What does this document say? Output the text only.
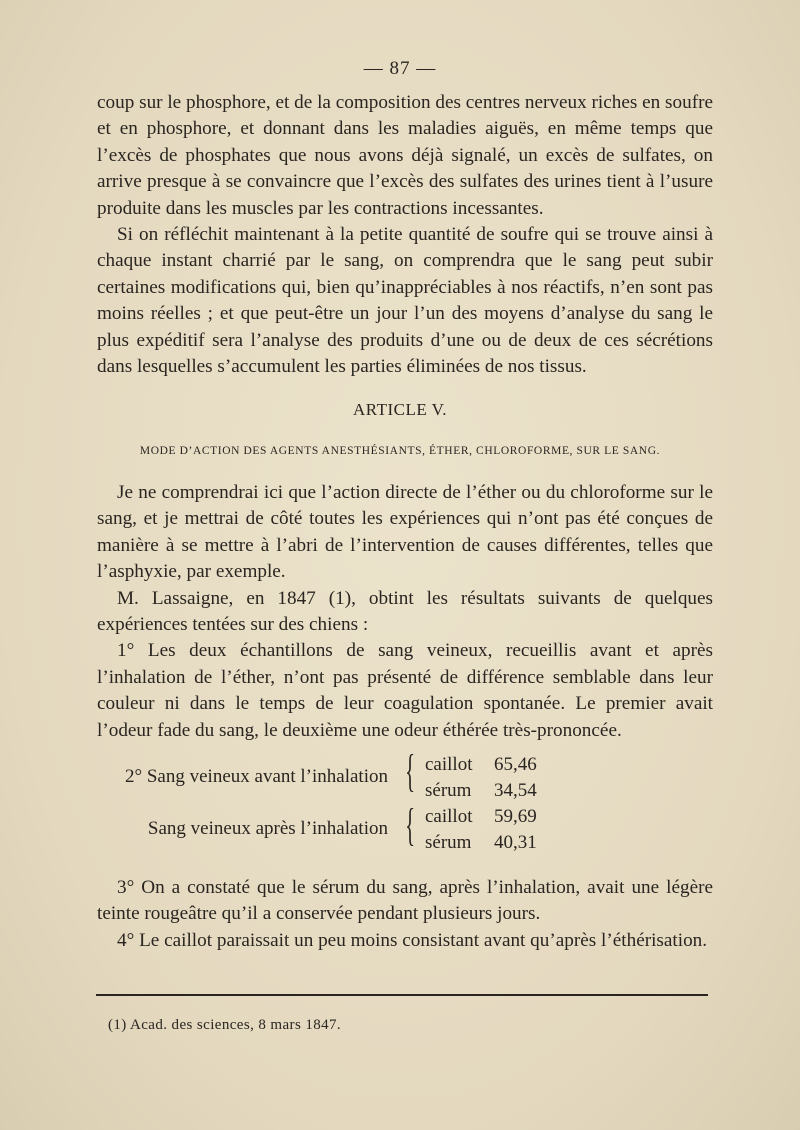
— 87 —

coup sur le phosphore, et de la composition des centres nerveux riches en soufre et en phosphore, et donnant dans les maladies aiguës, en même temps que l’excès de phosphates que nous avons déjà signalé, un excès de sulfates, on arrive presque à se convaincre que l’excès des sulfates des urines tient à l’usure produite dans les muscles par les contractions incessantes.

Si on réfléchit maintenant à la petite quantité de soufre qui se trouve ainsi à chaque instant charrié par le sang, on comprendra que le sang peut subir certaines modifications qui, bien qu’inappréciables à nos réactifs, n’en sont pas moins réelles ; et que peut-être un jour l’un des moyens d’analyse du sang le plus expéditif sera l’analyse des produits d’une ou de deux de ces sécrétions dans lesquelles s’accumulent les parties éliminées de nos tissus.

ARTICLE V.
MODE D’ACTION DES AGENTS ANESTHÉSIANTS, ÉTHER, CHLOROFORME, SUR LE SANG.

Je ne comprendrai ici que l’action directe de l’éther ou du chloroforme sur le sang, et je mettrai de côté toutes les expériences qui n’ont pas été conçues de manière à se mettre à l’abri de l’intervention de causes différentes, telles que l’asphyxie, par exemple.

M. Lassaigne, en 1847 (1), obtint les résultats suivants de quelques expériences tentées sur des chiens :

1° Les deux échantillons de sang veineux, recueillis avant et après l’inhalation de l’éther, n’ont pas présenté de différence semblable dans leur couleur ni dans le temps de leur coagulation spontanée. Le premier avait l’odeur fade du sang, le deuxième une odeur éthérée très-prononcée.

2° Sang veineux avant l’inhalation { caillot 65,46
sérum 34,54
Sang veineux après l’inhalation { caillot 59,69
sérum 40,31

3° On a constaté que le sérum du sang, après l’inhalation, avait une légère teinte rougeâtre qu’il a conservée pendant plusieurs jours.

4° Le caillot paraissait un peu moins consistant avant qu’après l’éthérisation.

(1) Acad. des sciences, 8 mars 1847.
